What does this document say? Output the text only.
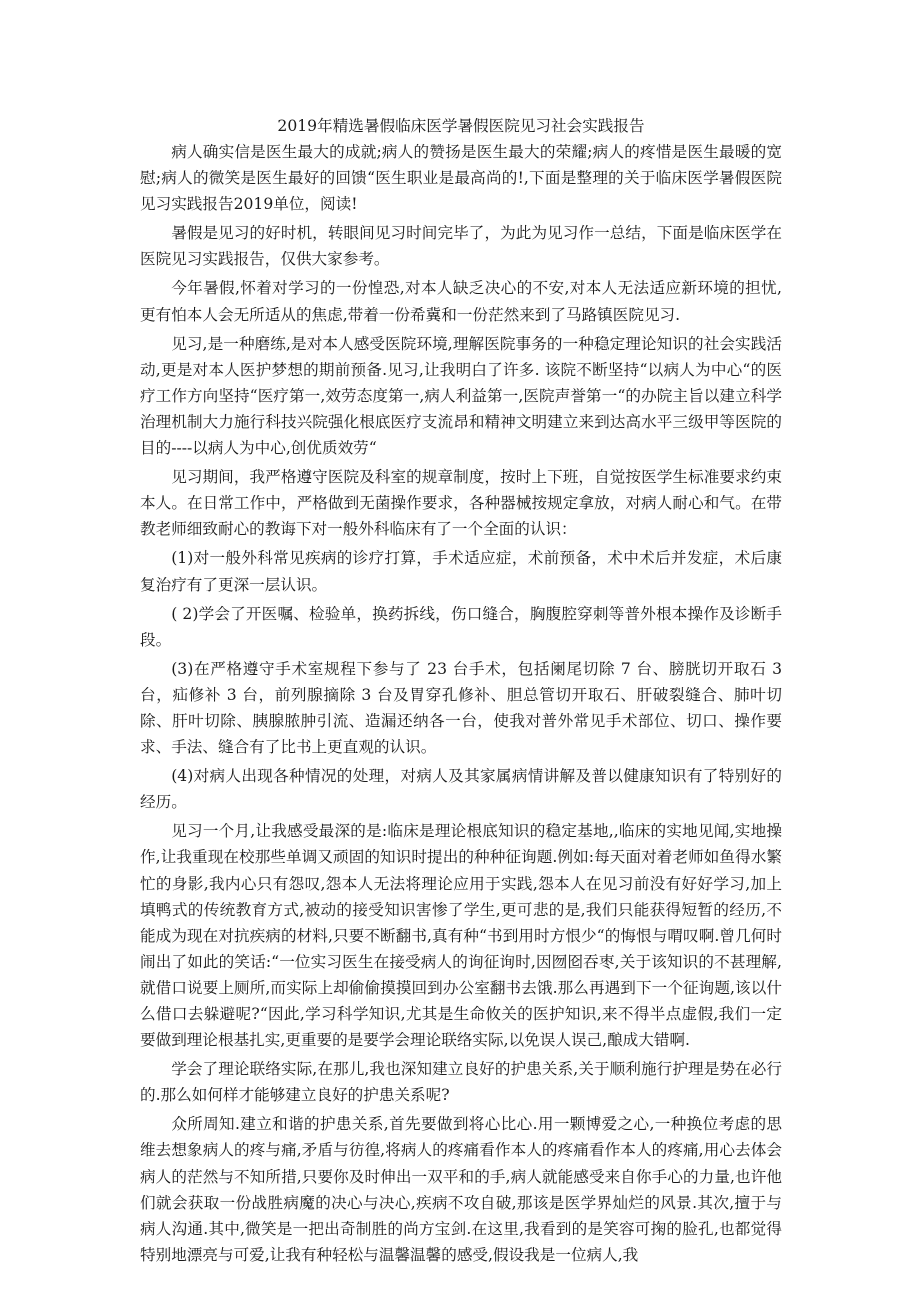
2019年精选暑假临床医学暑假医院见习社会实践报告

病人确实信是医生最大的成就;病人的赞扬是医生最大的荣耀;病人的疼惜是医生最暖的宽慰;病人的微笑是医生最好的回馈“医生职业是最高尚的!,下面是整理的关于临床医学暑假医院见习实践报告2019单位，阅读!

暑假是见习的好时机，转眼间见习时间完毕了，为此为见习作一总结，下面是临床医学在医院见习实践报告，仅供大家参考。

今年暑假,怀着对学习的一份惶恐,对本人缺乏决心的不安,对本人无法适应新环境的担忧,更有怕本人会无所适从的焦虑,带着一份希冀和一份茫然来到了马路镇医院见习.

见习,是一种磨练,是对本人感受医院环境,理解医院事务的一种稳定理论知识的社会实践活动,更是对本人医护梦想的期前预备.见习,让我明白了许多. 该院不断坚持“以病人为中心“的医疗工作方向坚持“医疗第一,效劳态度第一,病人利益第一,医院声誉第一“的办院主旨以建立科学治理机制大力施行科技兴院强化根底医疗支流昂和精神文明建立来到达高水平三级甲等医院的目的----以病人为中心,创优质效劳“

见习期间，我严格遵守医院及科室的规章制度，按时上下班，自觉按医学生标准要求约束本人。在日常工作中，严格做到无菌操作要求，各种器械按规定拿放，对病人耐心和气。在带教老师细致耐心的教诲下对一般外科临床有了一个全面的认识：

(1)对一般外科常见疾病的诊疗打算，手术适应症，术前预备，术中术后并发症，术后康复治疗有了更深一层认识。

( 2)学会了开医嘱、检验单，换药拆线，伤口缝合，胸腹腔穿刺等普外根本操作及诊断手段。

(3)在严格遵守手术室规程下参与了 23 台手术，包括阑尾切除 7 台、膀胱切开取石 3 台，疝修补 3 台，前列腺摘除 3 台及胃穿孔修补、胆总管切开取石、肝破裂缝合、肺叶切除、肝叶切除、胰腺脓肿引流、造漏还纳各一台，使我对普外常见手术部位、切口、操作要求、手法、缝合有了比书上更直观的认识。

(4)对病人出现各种情况的处理，对病人及其家属病情讲解及普以健康知识有了特别好的经历。

见习一个月,让我感受最深的是:临床是理论根底知识的稳定基地,,临床的实地见闻,实地操作,让我重现在校那些单调又顽固的知识时提出的种种征询题.例如:每天面对着老师如鱼得水繁忙的身影,我内心只有怨叹,怨本人无法将理论应用于实践,怨本人在见习前没有好好学习,加上填鸭式的传统教育方式,被动的接受知识害惨了学生,更可悲的是,我们只能获得短暂的经历,不能成为现在对抗疾病的材料,只要不断翻书,真有种“书到用时方恨少“的悔恨与喟叹啊.曾几何时闹出了如此的笑话:“一位实习医生在接受病人的询征询时,因囫囵吞枣,关于该知识的不甚理解,就借口说要上厕所,而实际上却偷偷摸摸回到办公室翻书去饿.那么再遇到下一个征询题,该以什么借口去躲避呢?“因此,学习科学知识,尤其是生命攸关的医护知识,来不得半点虚假,我们一定要做到理论根基扎实,更重要的是要学会理论联络实际,以免误人误己,酿成大错啊.

学会了理论联络实际,在那儿,我也深知建立良好的护患关系,关于顺利施行护理是势在必行的.那么如何样才能够建立良好的护患关系呢?

众所周知.建立和谐的护患关系,首先要做到将心比心.用一颗博爱之心,一种换位考虑的思维去想象病人的疼与痛,矛盾与彷徨,将病人的疼痛看作本人的疼痛看作本人的疼痛,用心去体会病人的茫然与不知所措,只要你及时伸出一双平和的手,病人就能感受来自你手心的力量,也许他们就会获取一份战胜病魔的决心与决心,疾病不攻自破,那该是医学界灿烂的风景.其次,擅于与病人沟通.其中,微笑是一把出奇制胜的尚方宝剑.在这里,我看到的是笑容可掬的脸孔,也都觉得特别地漂亮与可爱,让我有种轻松与温馨温馨的感受,假设我是一位病人,我
